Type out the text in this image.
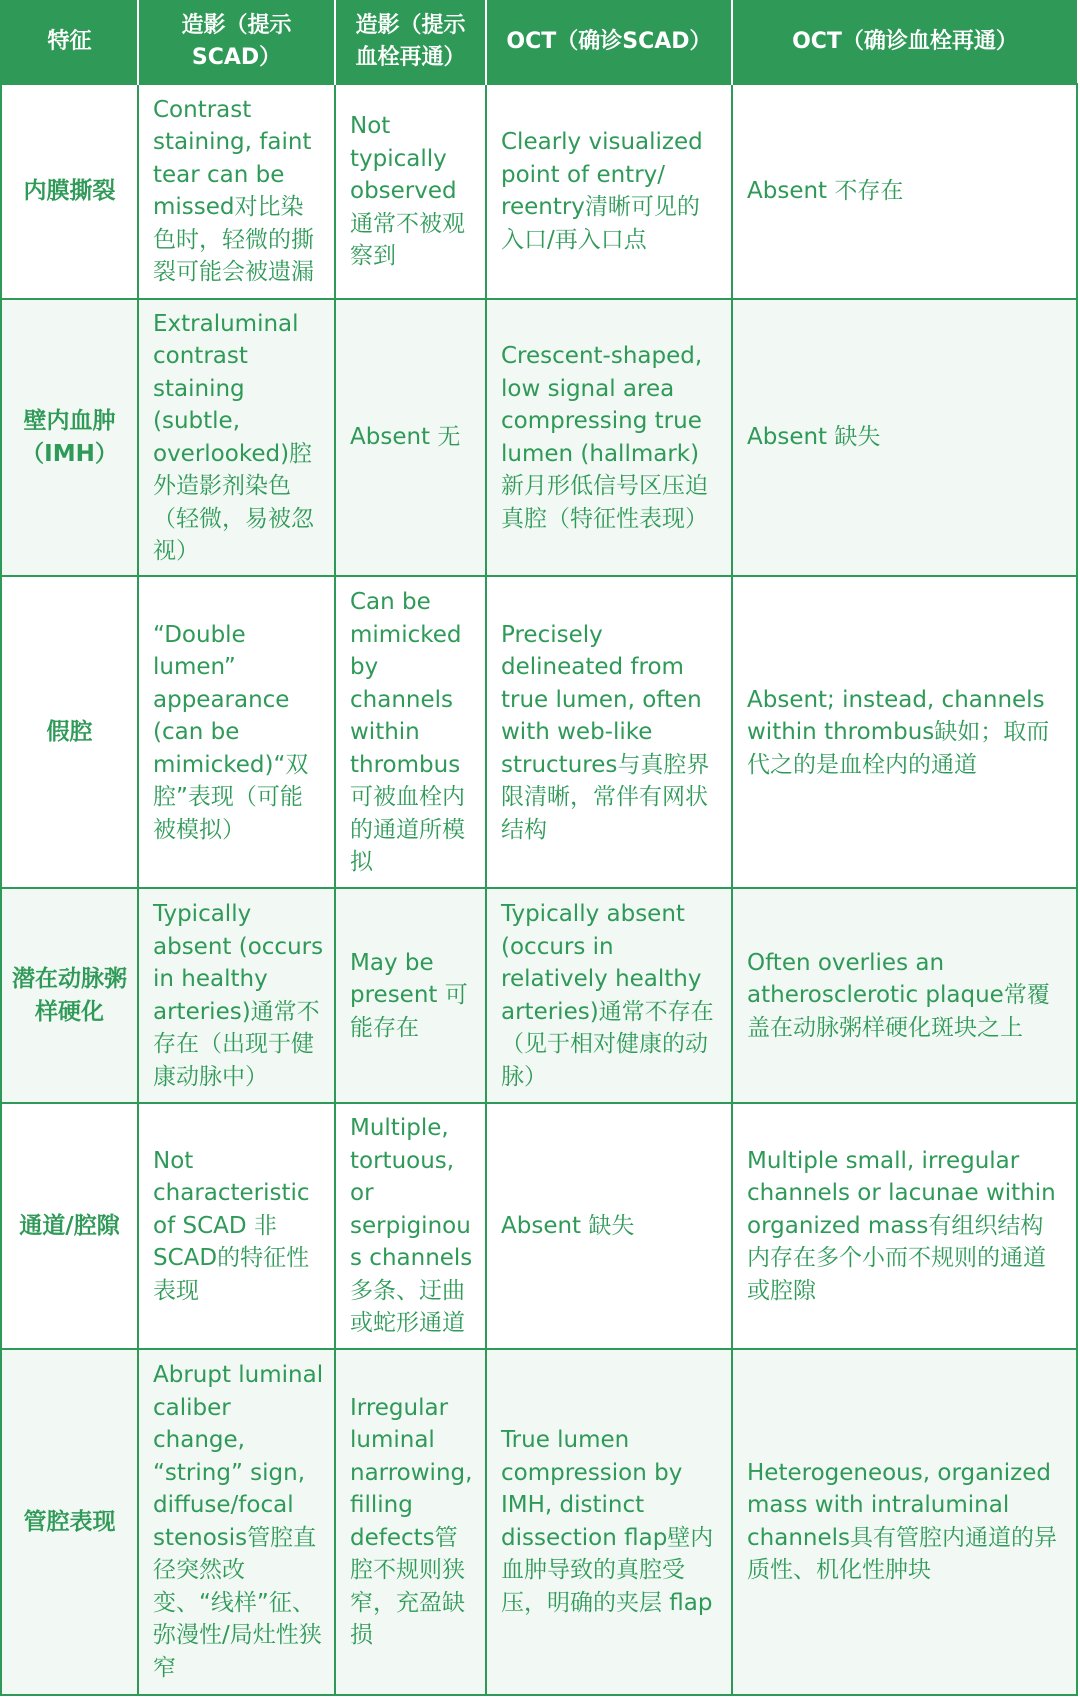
特征	造影（提示SCAD）	造影（提示血栓再通）	OCT（确诊SCAD）	OCT（确诊血栓再通）
内膜撕裂	Contrast staining, faint tear can be missed对比染色时，轻微的撕裂可能会被遗漏	Not typically observed 通常不被观察到	Clearly visualized point of entry/ reentry清晰可见的入口/再入口点	Absent 不存在
壁内血肿（IMH）	Extraluminal contrast staining (subtle, overlooked)腔外造影剂染色（轻微，易被忽视）	Absent 无	Crescent-shaped, low signal area compressing true lumen (hallmark)新月形低信号区压迫真腔（特征性表现）	Absent 缺失
假腔	“Double lumen” appearance (can be mimicked)“双腔”表现（可能被模拟）	Can be mimicked by channels within thrombus 可被血栓内的通道所模拟	Precisely delineated from true lumen, often with web-like structures与真腔界限清晰，常伴有网状结构	Absent; instead, channels within thrombus缺如；取而代之的是血栓内的通道
潜在动脉粥样硬化	Typically absent (occurs in healthy arteries)通常不存在（出现于健康动脉中）	May be present 可能存在	Typically absent (occurs in relatively healthy arteries)通常不存在（见于相对健康的动脉）	Often overlies an atherosclerotic plaque常覆盖在动脉粥样硬化斑块之上
通道/腔隙	Not characteristic of SCAD 非SCAD的特征性表现	Multiple, tortuous, or serpiginous channels多条、迂曲或蛇形通道	Absent 缺失	Multiple small, irregular channels or lacunae within organized mass有组织结构内存在多个小而不规则的通道或腔隙
管腔表现	Abrupt luminal caliber change, “string” sign, diffuse/focal stenosis管腔直径突然改变、“线样”征、弥漫性/局灶性狭窄	Irregular luminal narrowing, filling defects管腔不规则狭窄，充盈缺损	True lumen compression by IMH, distinct dissection flap壁内血肿导致的真腔受压，明确的夹层 flap	Heterogeneous, organized mass with intraluminal channels具有管腔内通道的异质性、机化性肿块
